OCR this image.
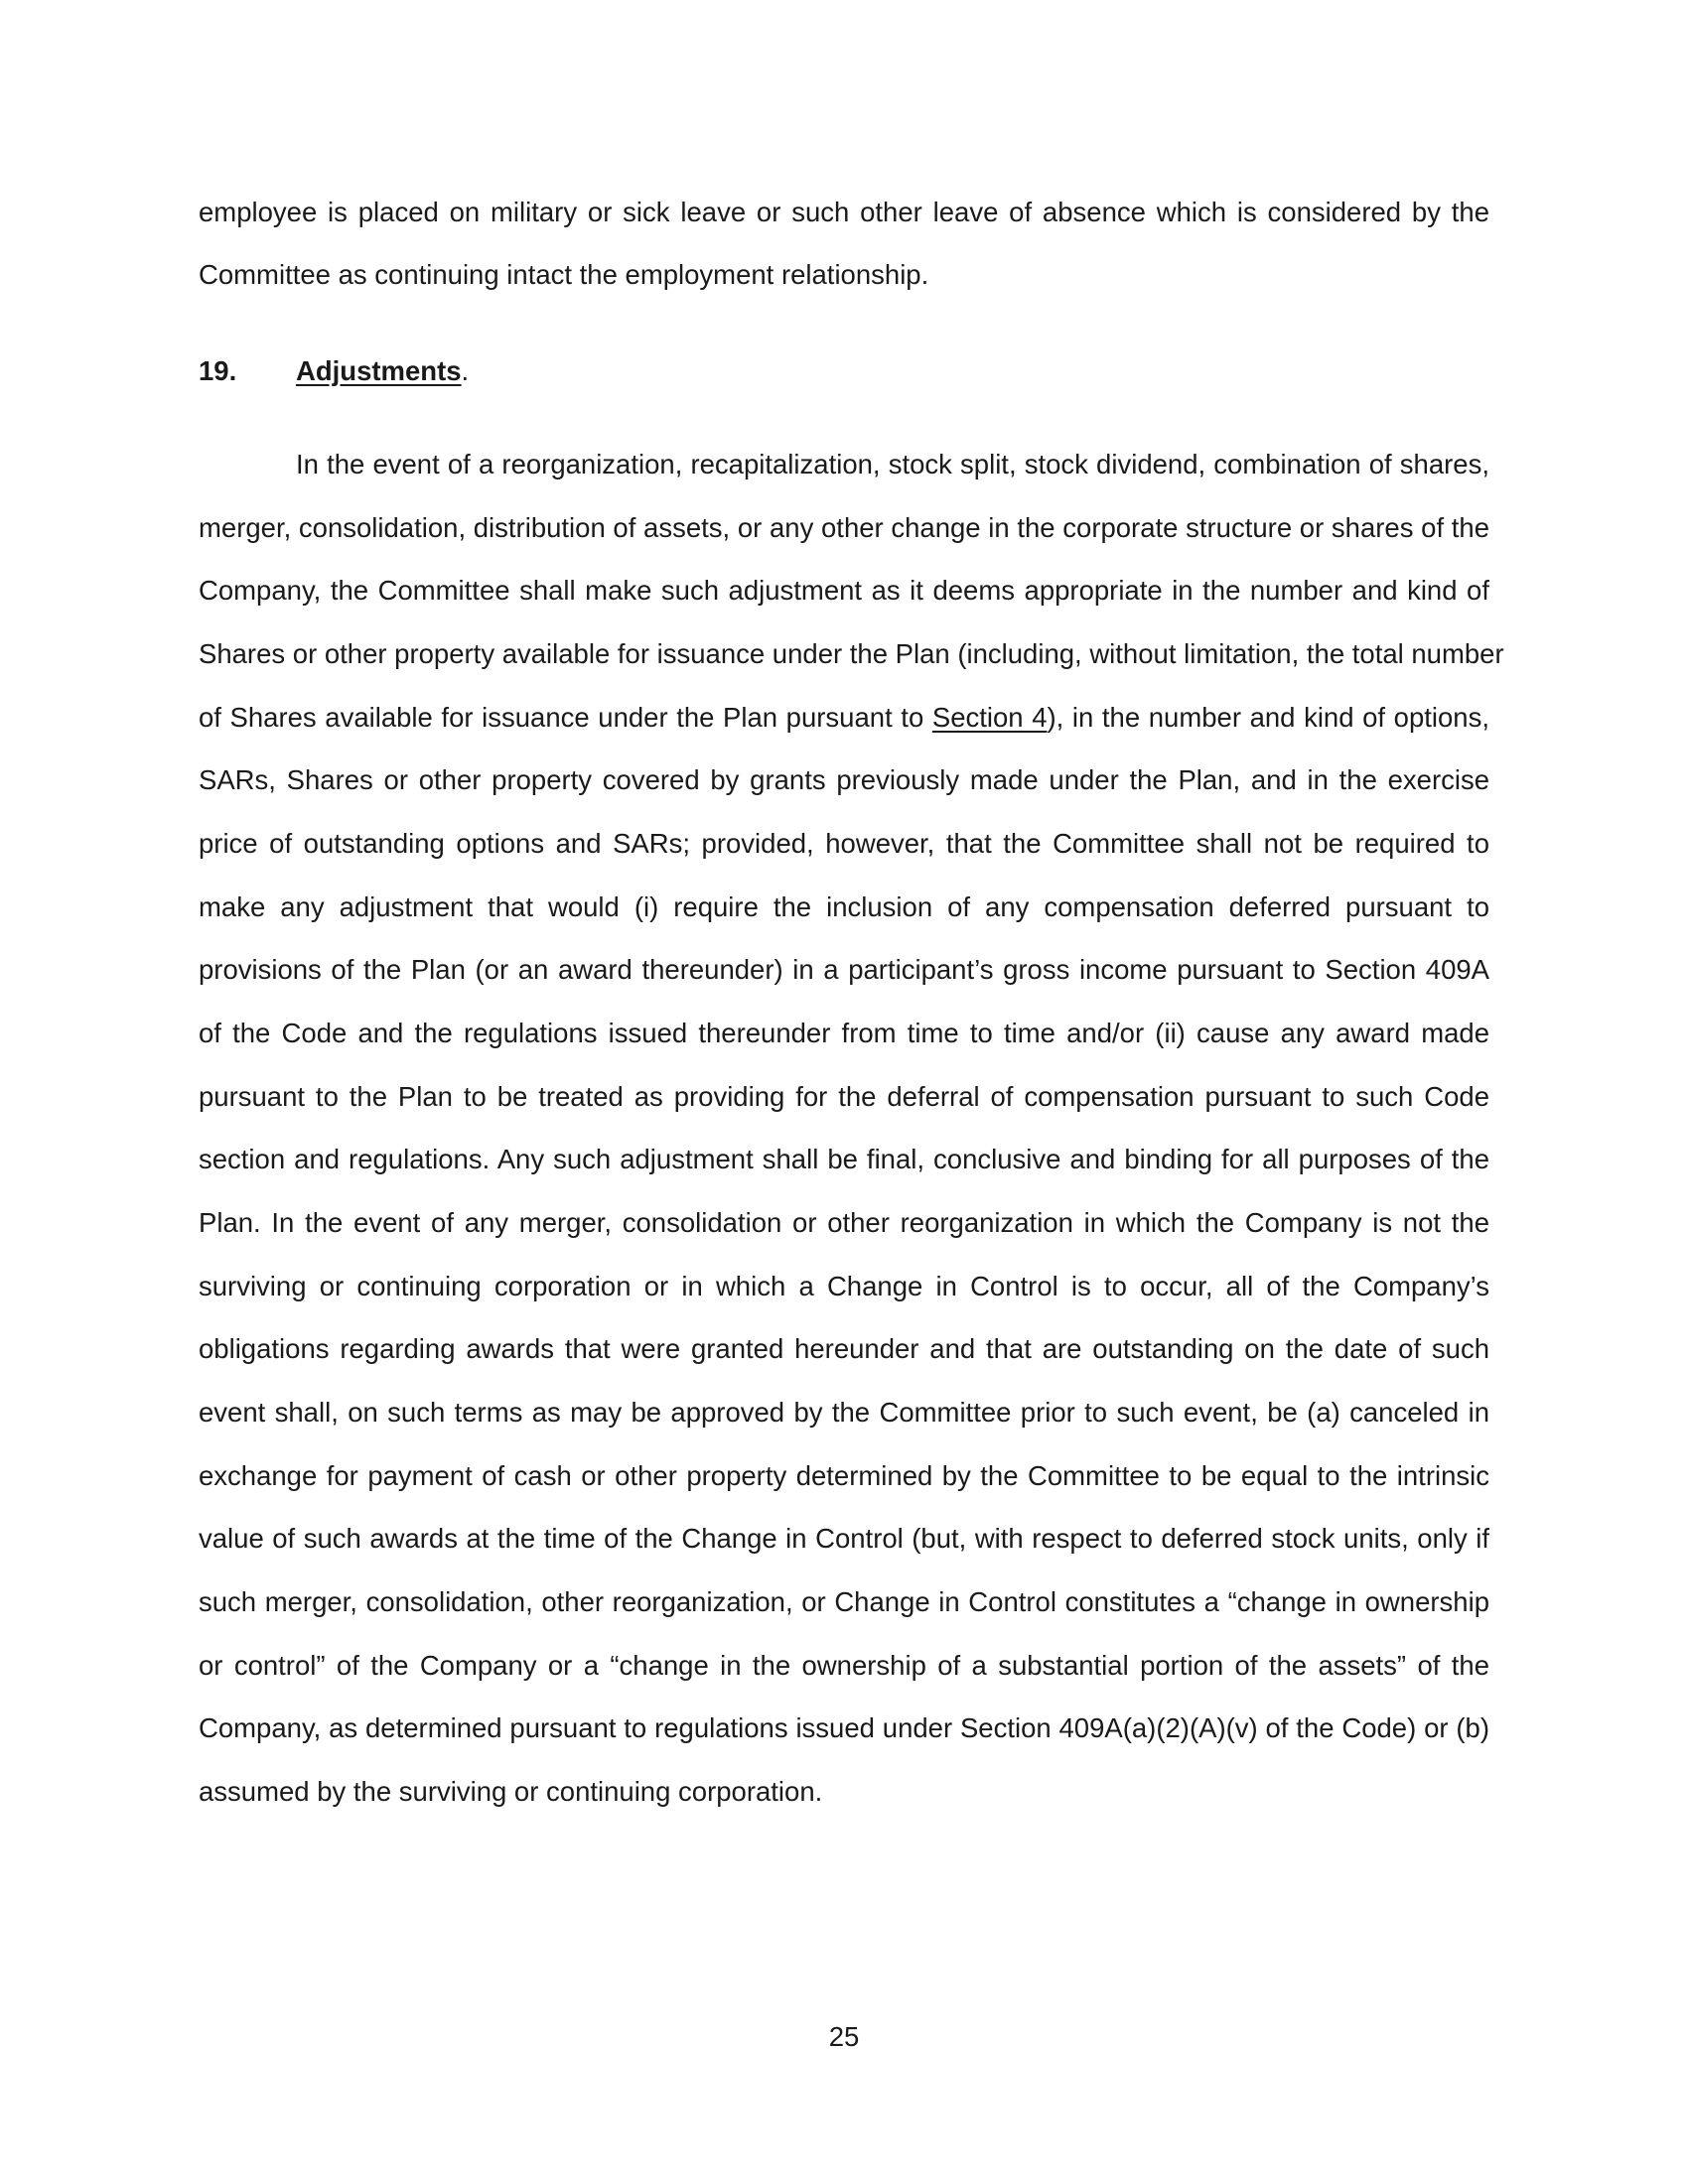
employee is placed on military or sick leave or such other leave of absence which is considered by the
Committee as continuing intact the employment relationship.
19. Adjustments.
In the event of a reorganization, recapitalization, stock split, stock dividend, combination of shares,
merger, consolidation, distribution of assets, or any other change in the corporate structure or shares of the
Company, the Committee shall make such adjustment as it deems appropriate in the number and kind of
Shares or other property available for issuance under the Plan (including, without limitation, the total number
of Shares available for issuance under the Plan pursuant to Section 4), in the number and kind of options,
SARs, Shares or other property covered by grants previously made under the Plan, and in the exercise
price of outstanding options and SARs; provided, however, that the Committee shall not be required to
make any adjustment that would (i) require the inclusion of any compensation deferred pursuant to
provisions of the Plan (or an award thereunder) in a participant’s gross income pursuant to Section 409A
of the Code and the regulations issued thereunder from time to time and/or (ii) cause any award made
pursuant to the Plan to be treated as providing for the deferral of compensation pursuant to such Code
section and regulations. Any such adjustment shall be final, conclusive and binding for all purposes of the
Plan. In the event of any merger, consolidation or other reorganization in which the Company is not the
surviving or continuing corporation or in which a Change in Control is to occur, all of the Company’s
obligations regarding awards that were granted hereunder and that are outstanding on the date of such
event shall, on such terms as may be approved by the Committee prior to such event, be (a) canceled in
exchange for payment of cash or other property determined by the Committee to be equal to the intrinsic
value of such awards at the time of the Change in Control (but, with respect to deferred stock units, only if
such merger, consolidation, other reorganization, or Change in Control constitutes a “change in ownership
or control” of the Company or a “change in the ownership of a substantial portion of the assets” of the
Company, as determined pursuant to regulations issued under Section 409A(a)(2)(A)(v) of the Code) or (b)
assumed by the surviving or continuing corporation.
25
